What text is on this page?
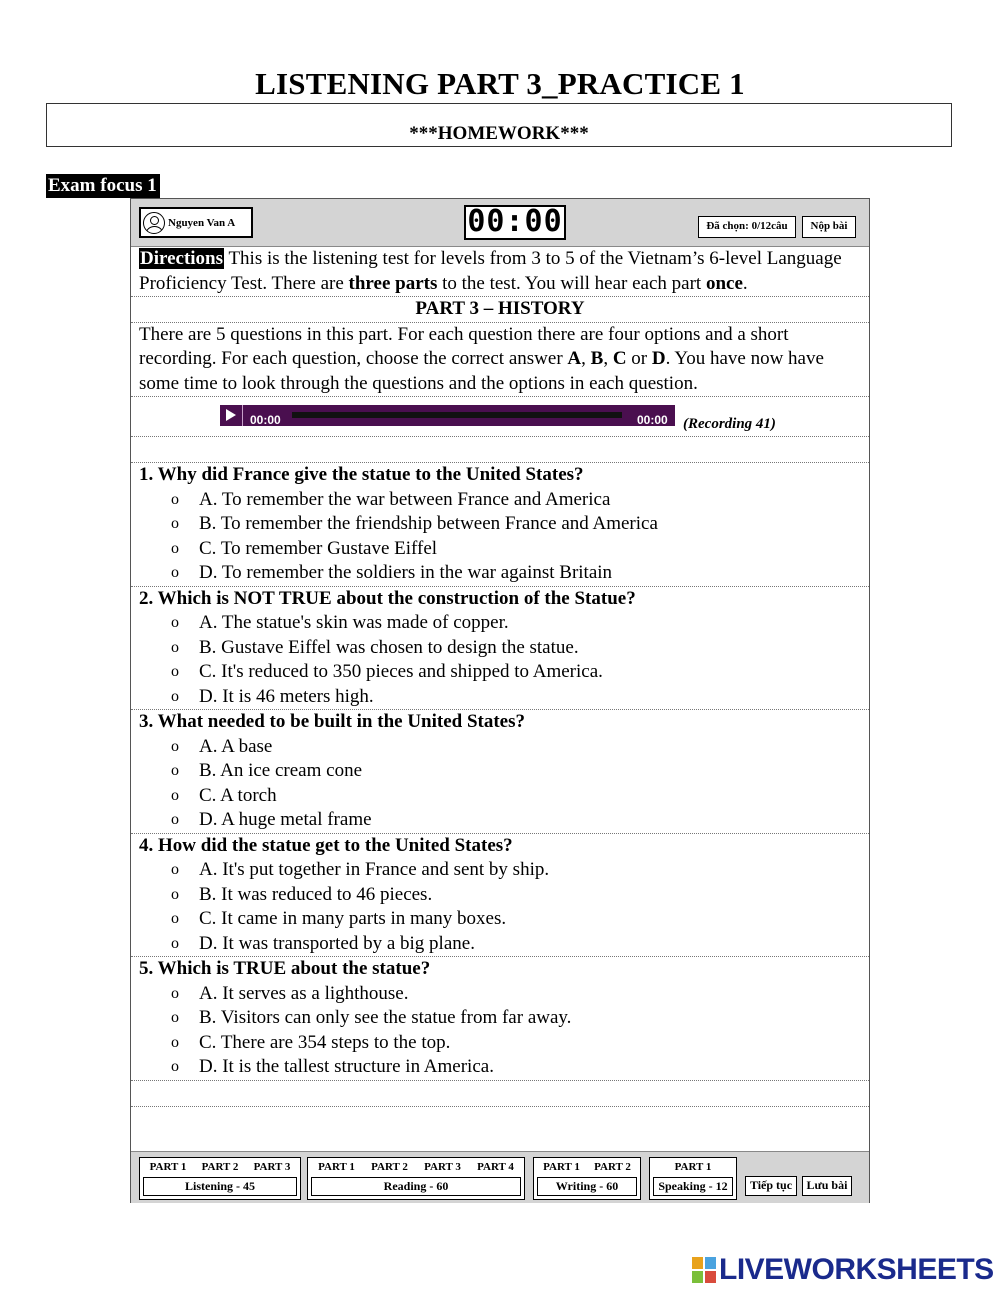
LISTENING PART 3_PRACTICE 1
***HOMEWORK***
Exam focus 1
Nguyen Van A	00:00	Đã chọn: 0/12câu	Nộp bài
Directions This is the listening test for levels from 3 to 5 of the Vietnam’s 6-level Language Proficiency Test. There are three parts to the test. You will hear each part once.
PART 3 – HISTORY
There are 5 questions in this part. For each question there are four options and a short recording. For each question, choose the correct answer A, B, C or D. You have now have some time to look through the questions and the options in each question.
00:00	00:00 (Recording 41)
1. Why did France give the statue to the United States?
o A. To remember the war between France and America
o B. To remember the friendship between France and America
o C. To remember Gustave Eiffel
o D. To remember the soldiers in the war against Britain
2. Which is NOT TRUE about the construction of the Statue?
o A. The statue's skin was made of copper.
o B. Gustave Eiffel was chosen to design the statue.
o C. It's reduced to 350 pieces and shipped to America.
o D. It is 46 meters high.
3. What needed to be built in the United States?
o A. A base
o B. An ice cream cone
o C. A torch
o D. A huge metal frame
4. How did the statue get to the United States?
o A. It's put together in France and sent by ship.
o B. It was reduced to 46 pieces.
o C. It came in many parts in many boxes.
o D. It was transported by a big plane.
5. Which is TRUE about the statue?
o A. It serves as a lighthouse.
o B. Visitors can only see the statue from far away.
o C. There are 354 steps to the top.
o D. It is the tallest structure in America.
PART 1 PART 2 PART 3
Listening - 45
PART 1 PART 2 PART 3 PART 4
Reading - 60
PART 1 PART 2
Writing - 60
PART 1
Speaking - 12	Tiếp tục	Lưu bài
LIVEWORKSHEETS
